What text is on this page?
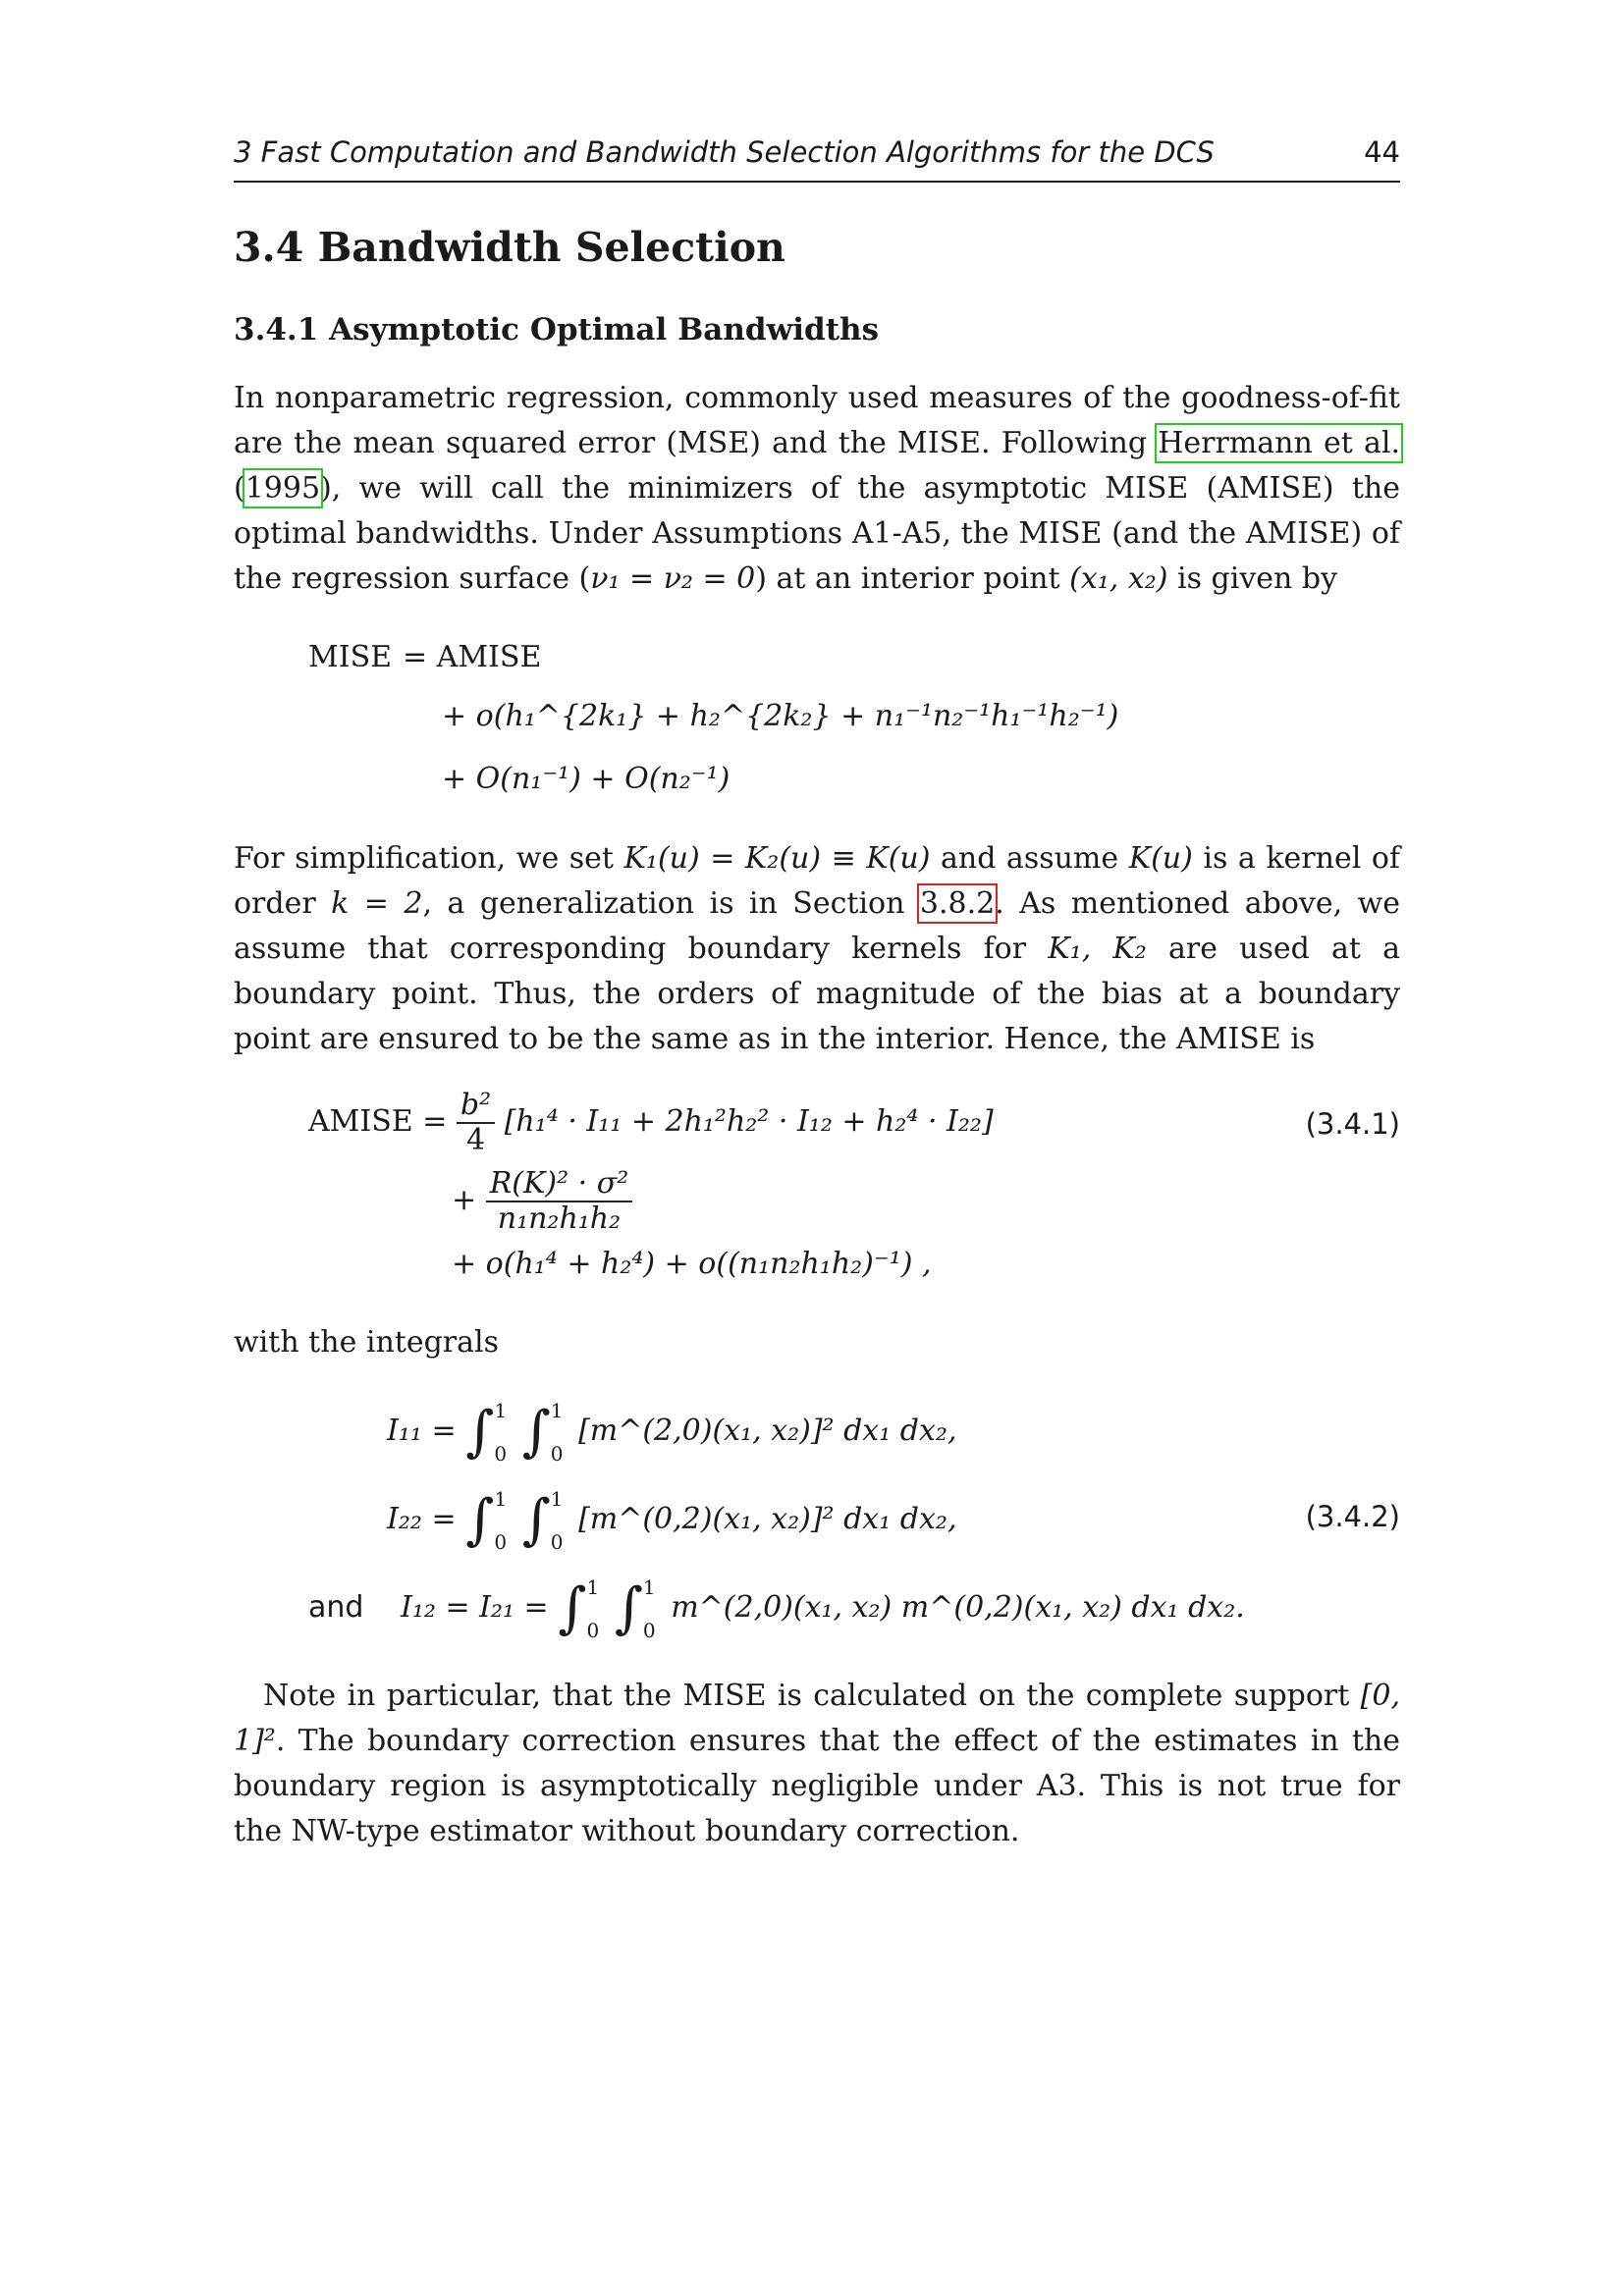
3 Fast Computation and Bandwidth Selection Algorithms for the DCS	44
3.4 Bandwidth Selection
3.4.1 Asymptotic Optimal Bandwidths
In nonparametric regression, commonly used measures of the goodness-of-fit are the mean squared error (MSE) and the MISE. Following Herrmann et al. (1995), we will call the minimizers of the asymptotic MISE (AMISE) the optimal bandwidths. Under Assumptions A1-A5, the MISE (and the AMISE) of the regression surface (ν₁ = ν₂ = 0) at an interior point (x₁, x₂) is given by
MISE = AMISE
+ o(h₁^{2k₁} + h₂^{2k₂} + n₁⁻¹n₂⁻¹h₁⁻¹h₂⁻¹)
+ O(n₁⁻¹) + O(n₂⁻¹)
For simplification, we set K₁(u) = K₂(u) ≡ K(u) and assume K(u) is a kernel of order k = 2, a generalization is in Section 3.8.2. As mentioned above, we assume that corresponding boundary kernels for K₁, K₂ are used at a boundary point. Thus, the orders of magnitude of the bias at a boundary point are ensured to be the same as in the interior. Hence, the AMISE is
AMISE = $\frac{\text{b²}}{4} [h_1^4 \cdot I_{11} + 2h_1^2h_2^2 \cdot I_{12} + h_2^4 \cdot I_{22}]$	(3.4.1)
+ $\frac{\text{R(K)² · σ²}}{\text{n₁n₂h₁h₂}}$
+ o(h₁⁴ + h₂⁴) + o((n₁n₂h₁h₂)⁻¹) ,
with the integrals
I₁₁ = ∫1

0 ∫1

0 [m^(2,0)(x₁, x₂)]² dx₁ dx₂,
I₂₂ = ∫1

0 ∫1

0 [m^(0,2)(x₁, x₂)]² dx₁ dx₂,	(3.4.2)
and I₁₂ = I₂₁ = ∫1

0 ∫1

0 m^(2,0)(x₁, x₂) m^(0,2)(x₁, x₂) dx₁ dx₂.
Note in particular, that the MISE is calculated on the complete support [0, 1]². The boundary correction ensures that the effect of the estimates in the boundary region is asymptotically negligible under A3. This is not true for the NW-type estimator without boundary correction.
